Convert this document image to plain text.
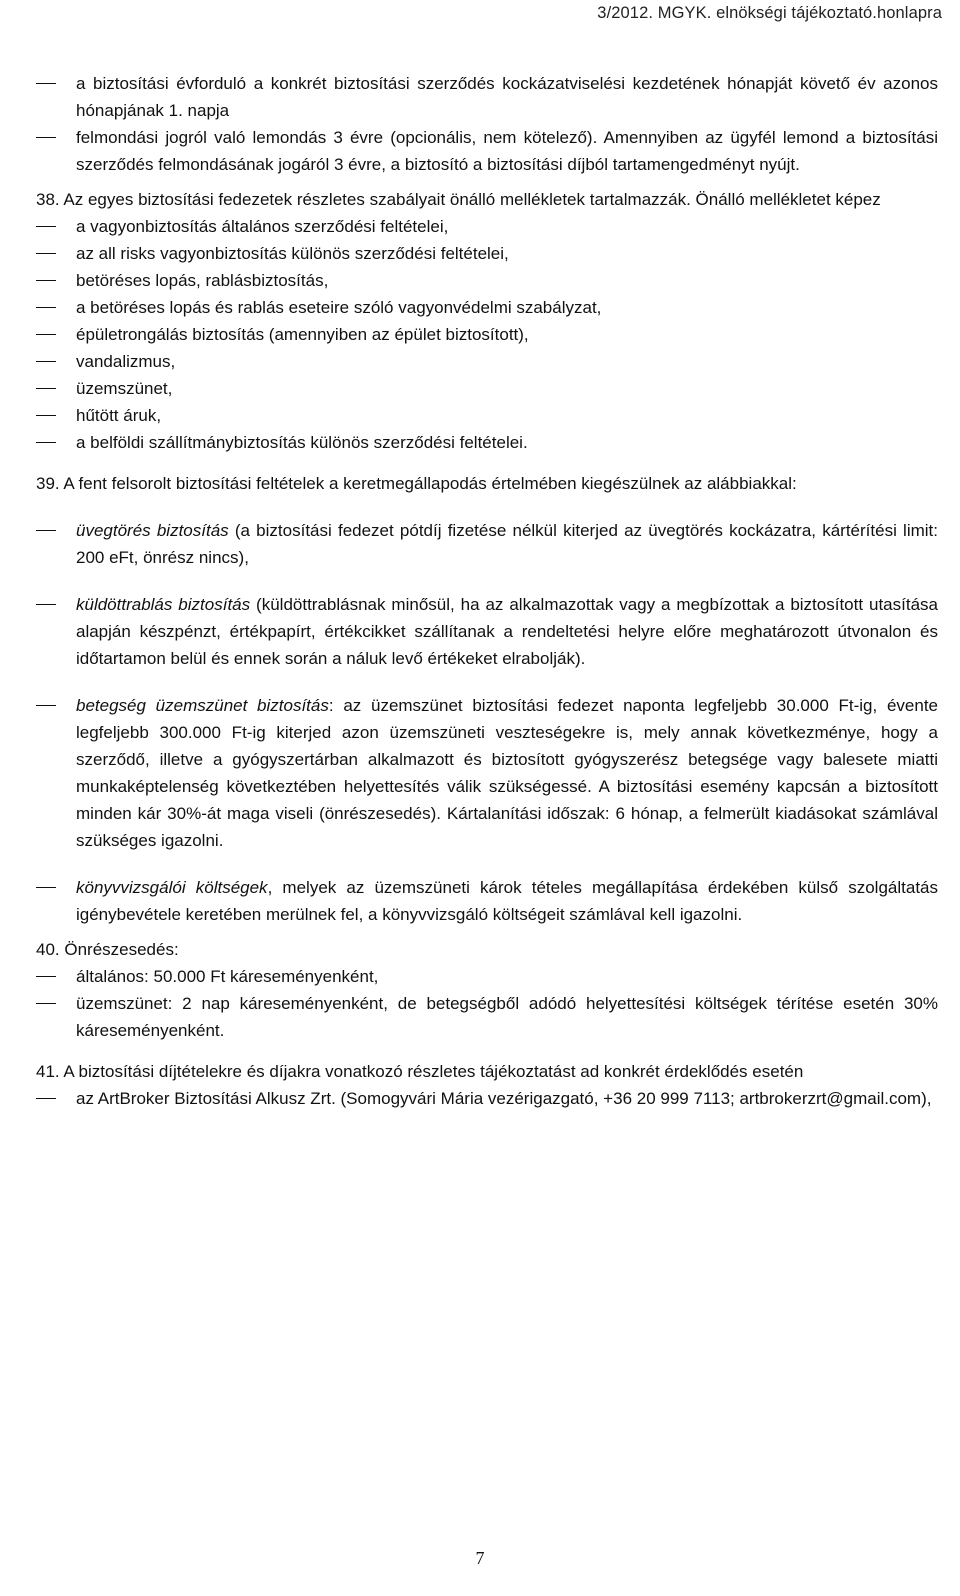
3/2012. MGYK. elnökségi tájékoztató.honlapra
a biztosítási évforduló a konkrét biztosítási szerződés kockázatviselési kezdetének hónapját követő év azonos hónapjának 1. napja
felmondási jogról való lemondás 3 évre (opcionális, nem kötelező). Amennyiben az ügyfél lemond a biztosítási szerződés felmondásának jogáról 3 évre, a biztosító a biztosítási díjból tartamengedményt nyújt.
38. Az egyes biztosítási fedezetek részletes szabályait önálló mellékletek tartalmazzák. Önálló mellékletet képez
a vagyonbiztosítás általános szerződési feltételei,
az all risks vagyonbiztosítás különös szerződési feltételei,
betöréses lopás, rablásbiztosítás,
a betöréses lopás és rablás eseteire szóló vagyonvédelmi szabályzat,
épületrongálás biztosítás (amennyiben az épület biztosított),
vandalizmus,
üzemszünet,
hűtött áruk,
a belföldi szállítmánybiztosítás különös szerződési feltételei.
39. A fent felsorolt biztosítási feltételek a keretmegállapodás értelmében kiegészülnek az alábbiakkal:
üvegtörés biztosítás (a biztosítási fedezet pótdíj fizetése nélkül kiterjed az üvegtörés kockázatra, kártérítési limit: 200 eFt, önrész nincs),
küldöttrablás biztosítás (küldöttrablásnak minősül, ha az alkalmazottak vagy a megbízottak a biztosított utasítása alapján készpénzt, értékpapírt, értékcikket szállítanak a rendeltetési helyre előre meghatározott útvonalon és időtartamon belül és ennek során a náluk levő értékeket elrabolják).
betegség üzemszünet biztosítás: az üzemszünet biztosítási fedezet naponta legfeljebb 30.000 Ft-ig, évente legfeljebb 300.000 Ft-ig kiterjed azon üzemszüneti veszteségekre is, mely annak következménye, hogy a szerződő, illetve a gyógyszertárban alkalmazott és biztosított gyógyszerész betegsége vagy balesete miatti munkaképtelenség következtében helyettesítés válik szükségessé. A biztosítási esemény kapcsán a biztosított minden kár 30%-át maga viseli (önrészesedés). Kártalanítási időszak: 6 hónap, a felmerült kiadásokat számlával szükséges igazolni.
könyvvizsgálói költségek, melyek az üzemszüneti károk tételes megállapítása érdekében külső szolgáltatás igénybevétele keretében merülnek fel, a könyvvizsgáló költségeit számlával kell igazolni.
40. Önrészesedés:
általános: 50.000 Ft káreseményenként,
üzemszünet: 2 nap káreseményenként, de betegségből adódó helyettesítési költségek térítése esetén 30% káreseményenként.
41. A biztosítási díjtételekre és díjakra vonatkozó részletes tájékoztatást ad konkrét érdeklődés esetén
az ArtBroker Biztosítási Alkusz Zrt. (Somogyvári Mária vezérigazgató, +36 20 999 7113; artbrokerzrt@gmail.com),
7
